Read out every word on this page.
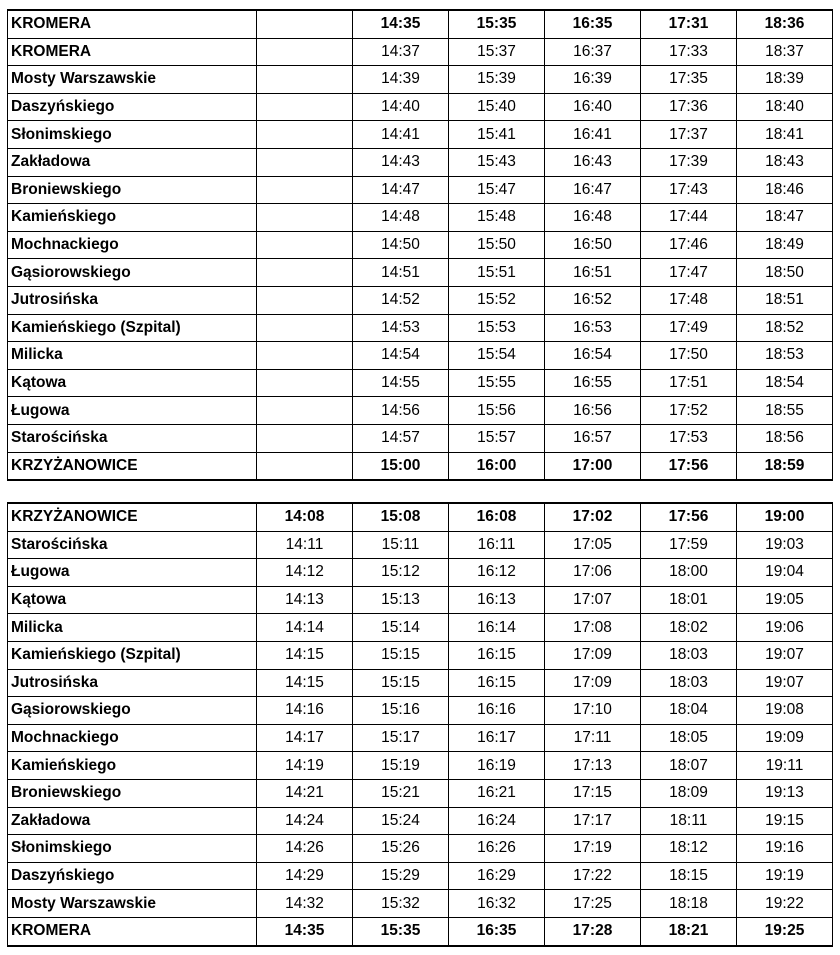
KROMERA		14:35	15:35	16:35	17:31	18:36
KROMERA		14:37	15:37	16:37	17:33	18:37
Mosty Warszawskie		14:39	15:39	16:39	17:35	18:39
Daszyńskiego		14:40	15:40	16:40	17:36	18:40
Słonimskiego		14:41	15:41	16:41	17:37	18:41
Zakładowa		14:43	15:43	16:43	17:39	18:43
Broniewskiego		14:47	15:47	16:47	17:43	18:46
Kamieńskiego		14:48	15:48	16:48	17:44	18:47
Mochnackiego		14:50	15:50	16:50	17:46	18:49
Gąsiorowskiego		14:51	15:51	16:51	17:47	18:50
Jutrosińska		14:52	15:52	16:52	17:48	18:51
Kamieńskiego (Szpital)		14:53	15:53	16:53	17:49	18:52
Milicka		14:54	15:54	16:54	17:50	18:53
Kątowa		14:55	15:55	16:55	17:51	18:54
Ługowa		14:56	15:56	16:56	17:52	18:55
Starościńska		14:57	15:57	16:57	17:53	18:56
KRZYŻANOWICE		15:00	16:00	17:00	17:56	18:59
KRZYŻANOWICE	14:08	15:08	16:08	17:02	17:56	19:00
Starościńska	14:11	15:11	16:11	17:05	17:59	19:03
Ługowa	14:12	15:12	16:12	17:06	18:00	19:04
Kątowa	14:13	15:13	16:13	17:07	18:01	19:05
Milicka	14:14	15:14	16:14	17:08	18:02	19:06
Kamieńskiego (Szpital)	14:15	15:15	16:15	17:09	18:03	19:07
Jutrosińska	14:15	15:15	16:15	17:09	18:03	19:07
Gąsiorowskiego	14:16	15:16	16:16	17:10	18:04	19:08
Mochnackiego	14:17	15:17	16:17	17:11	18:05	19:09
Kamieńskiego	14:19	15:19	16:19	17:13	18:07	19:11
Broniewskiego	14:21	15:21	16:21	17:15	18:09	19:13
Zakładowa	14:24	15:24	16:24	17:17	18:11	19:15
Słonimskiego	14:26	15:26	16:26	17:19	18:12	19:16
Daszyńskiego	14:29	15:29	16:29	17:22	18:15	19:19
Mosty Warszawskie	14:32	15:32	16:32	17:25	18:18	19:22
KROMERA	14:35	15:35	16:35	17:28	18:21	19:25
